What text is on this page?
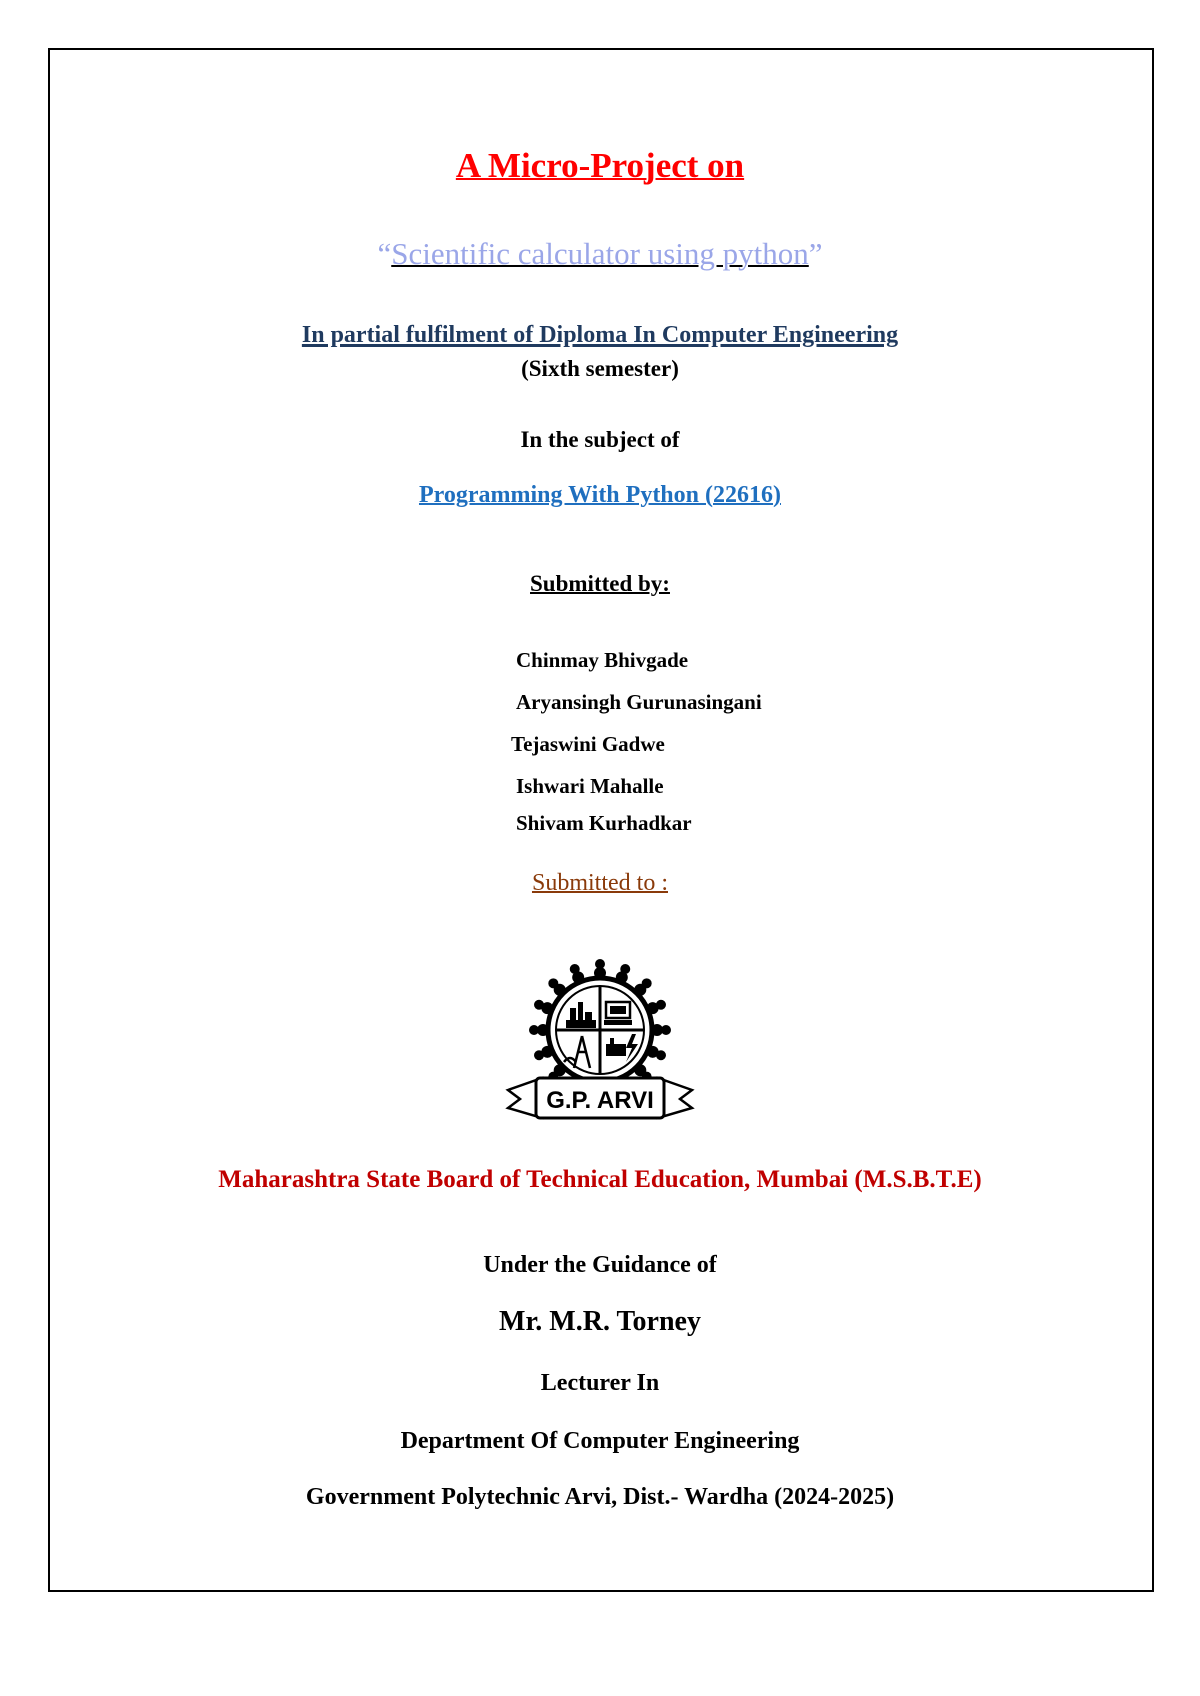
A Micro-Project on
“Scientific calculator using python”
In partial fulfilment of Diploma In Computer Engineering
(Sixth semester)
In the subject of
Programming With Python (22616)
Submitted by:
Chinmay Bhivgade
Aryansingh Gurunasingani
Tejaswini Gadwe
Ishwari Mahalle
Shivam Kurhadkar
Submitted to :
G.P. ARVI
Maharashtra State Board of Technical Education, Mumbai (M.S.B.T.E)
Under the Guidance of
Mr. M.R. Torney
Lecturer In
Department Of Computer Engineering
Government Polytechnic Arvi, Dist.- Wardha (2024-2025)
